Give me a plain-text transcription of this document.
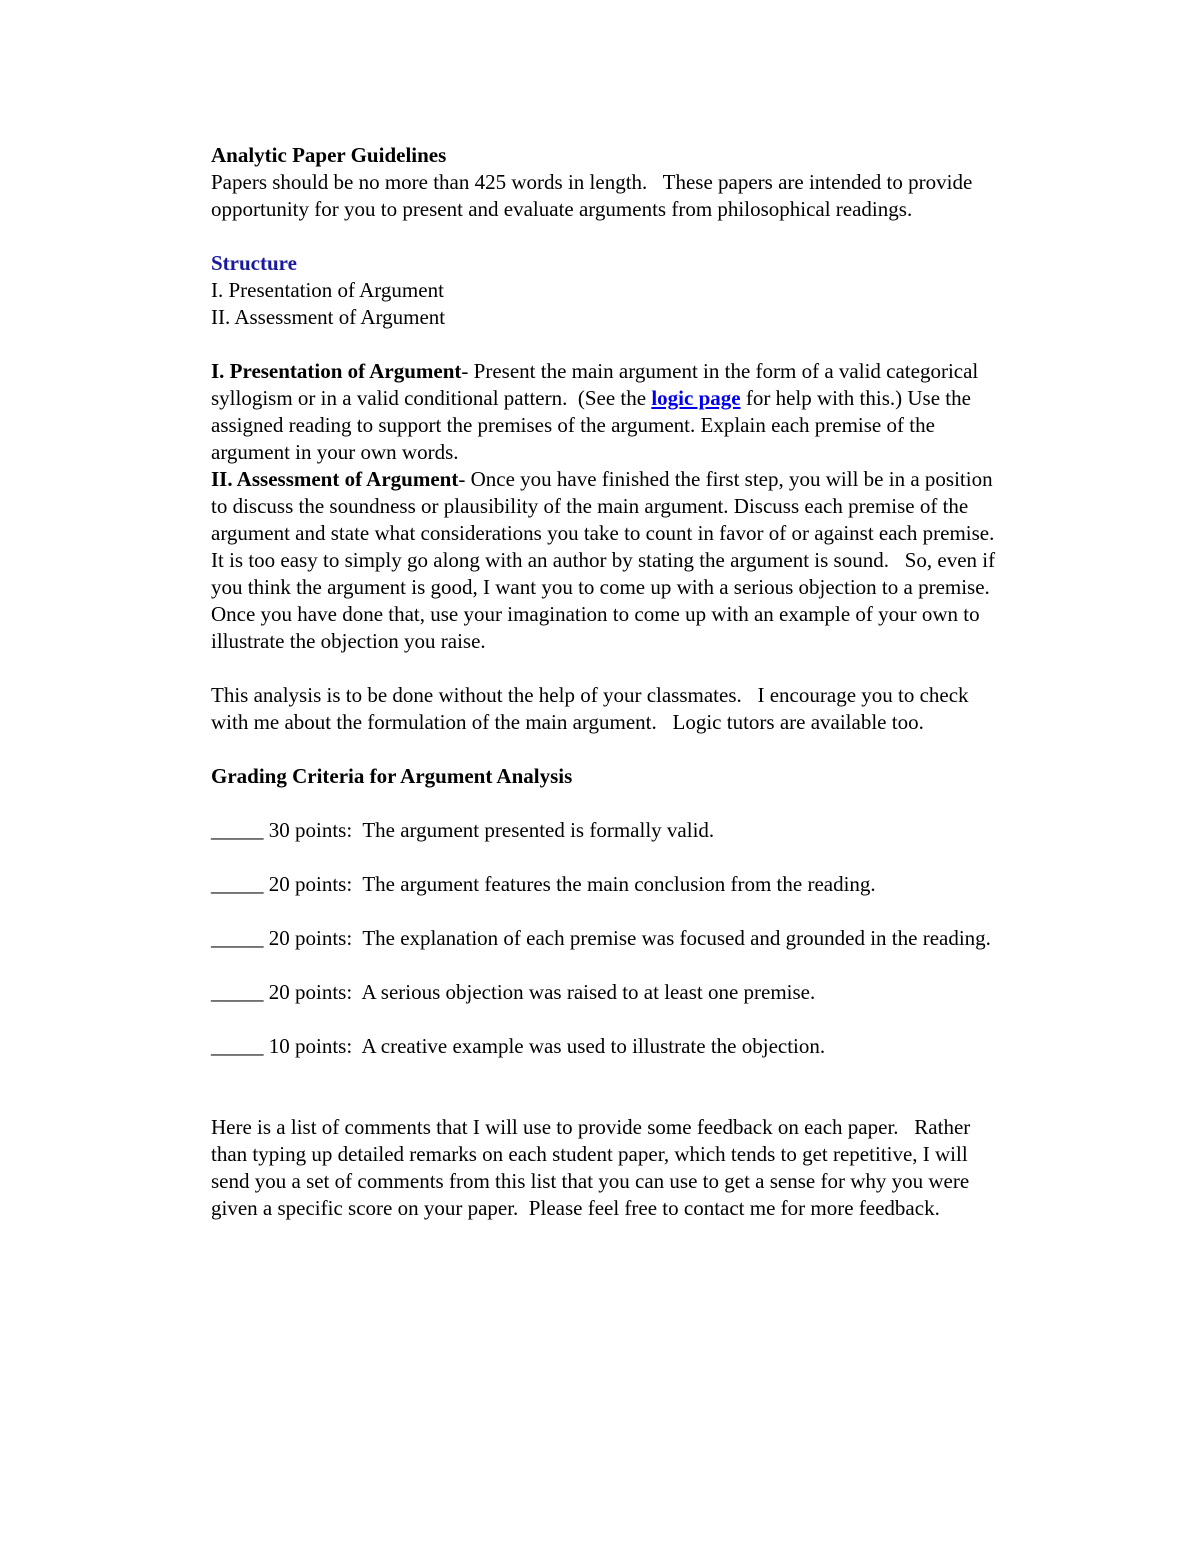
Analytic Paper Guidelines

Papers should be no more than 425 words in length.   These papers are intended to provide opportunity for you to present and evaluate arguments from philosophical readings.

Structure

I. Presentation of Argument

II. Assessment of Argument

I. Presentation of Argument- Present the main argument in the form of a valid categorical syllogism or in a valid conditional pattern.  (See the logic page for help with this.) Use the assigned reading to support the premises of the argument. Explain each premise of the argument in your own words.

II. Assessment of Argument- Once you have finished the first step, you will be in a position to discuss the soundness or plausibility of the main argument. Discuss each premise of the argument and state what considerations you take to count in favor of or against each premise.  It is too easy to simply go along with an author by stating the argument is sound.   So, even if you think the argument is good, I want you to come up with a serious objection to a premise.   Once you have done that, use your imagination to come up with an example of your own to illustrate the objection you raise.

This analysis is to be done without the help of your classmates.   I encourage you to check with me about the formulation of the main argument.   Logic tutors are available too.

Grading Criteria for Argument Analysis

_____ 30 points: The argument presented is formally valid.

_____ 20 points: The argument features the main conclusion from the reading.

_____ 20 points: The explanation of each premise was focused and grounded in the reading.

_____ 20 points: A serious objection was raised to at least one premise.

_____ 10 points: A creative example was used to illustrate the objection.

Here is a list of comments that I will use to provide some feedback on each paper.   Rather than typing up detailed remarks on each student paper, which tends to get repetitive, I will send you a set of comments from this list that you can use to get a sense for why you were given a specific score on your paper.  Please feel free to contact me for more feedback.
